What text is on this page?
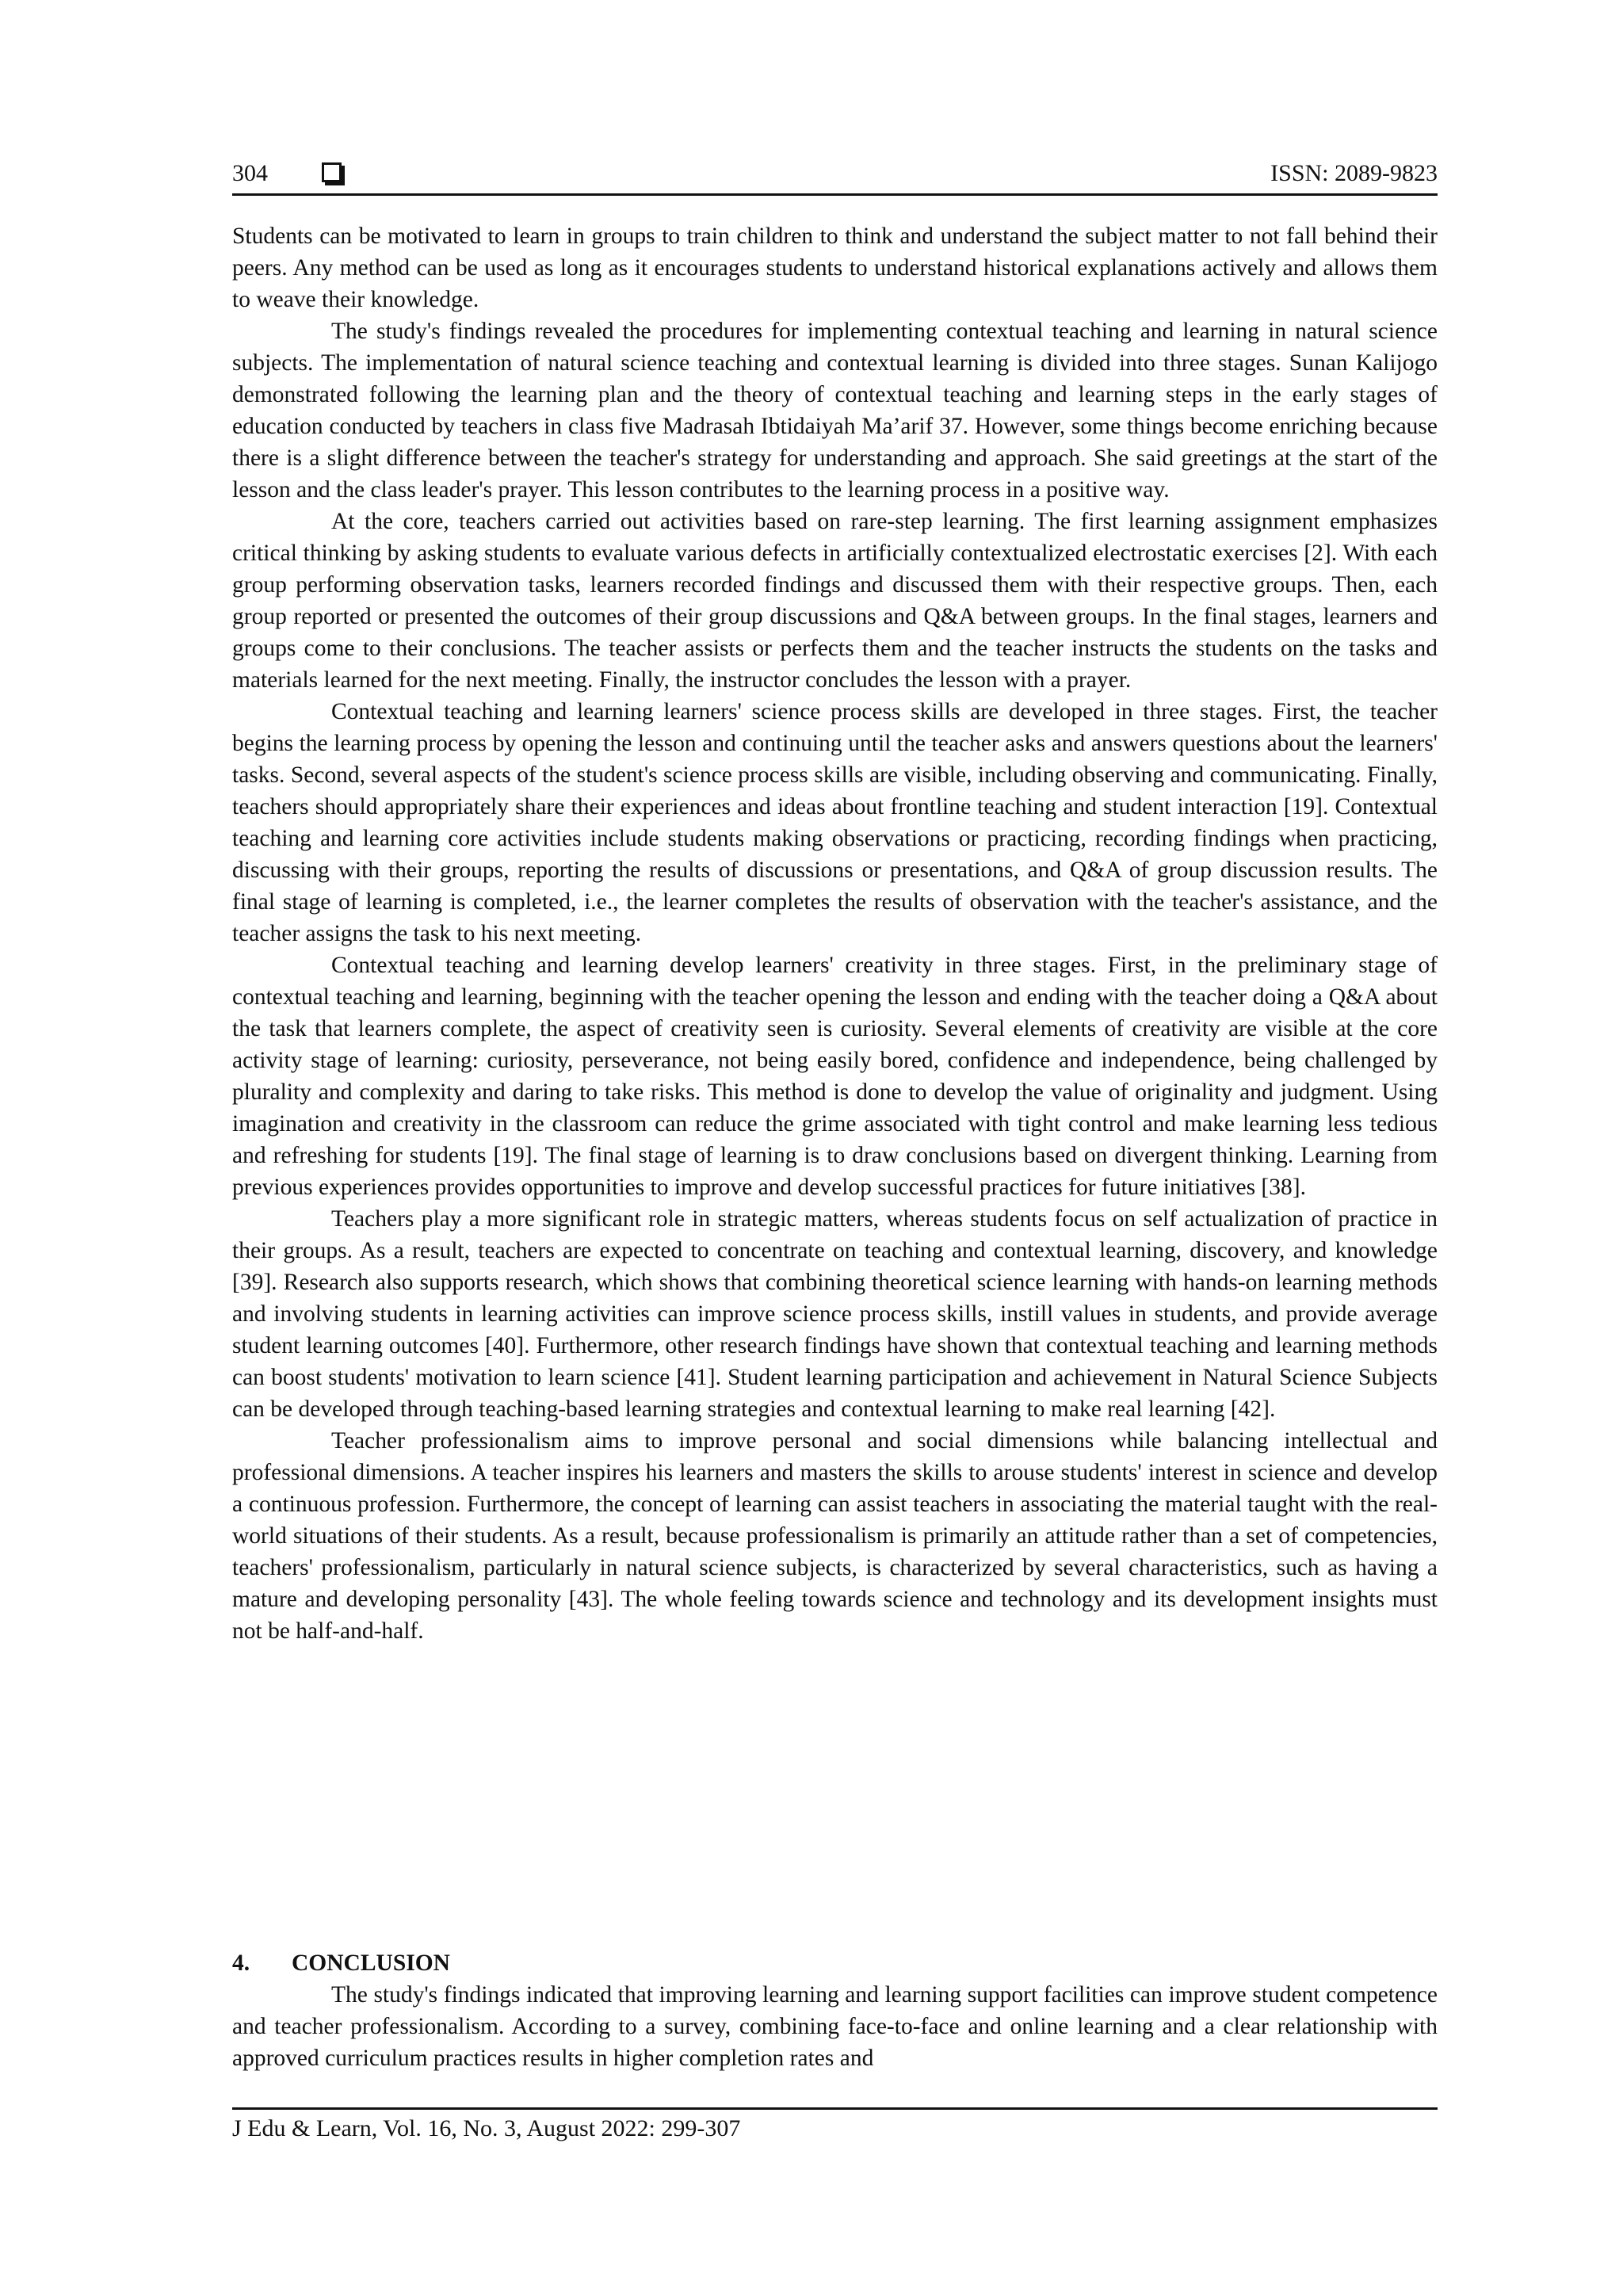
304	ISSN: 2089-9823

Students can be motivated to learn in groups to train children to think and understand the subject matter to not fall behind their peers. Any method can be used as long as it encourages students to understand historical explanations actively and allows them to weave their knowledge.

The study's findings revealed the procedures for implementing contextual teaching and learning in natural science subjects. The implementation of natural science teaching and contextual learning is divided into three stages. Sunan Kalijogo demonstrated following the learning plan and the theory of contextual teaching and learning steps in the early stages of education conducted by teachers in class five Madrasah Ibtidaiyah Ma’arif 37. However, some things become enriching because there is a slight difference between the teacher's strategy for understanding and approach. She said greetings at the start of the lesson and the class leader's prayer. This lesson contributes to the learning process in a positive way.

At the core, teachers carried out activities based on rare-step learning. The first learning assignment emphasizes critical thinking by asking students to evaluate various defects in artificially contextualized electrostatic exercises [2]. With each group performing observation tasks, learners recorded findings and discussed them with their respective groups. Then, each group reported or presented the outcomes of their group discussions and Q&A between groups. In the final stages, learners and groups come to their conclusions. The teacher assists or perfects them and the teacher instructs the students on the tasks and materials learned for the next meeting. Finally, the instructor concludes the lesson with a prayer.

Contextual teaching and learning learners' science process skills are developed in three stages. First, the teacher begins the learning process by opening the lesson and continuing until the teacher asks and answers questions about the learners' tasks. Second, several aspects of the student's science process skills are visible, including observing and communicating. Finally, teachers should appropriately share their experiences and ideas about frontline teaching and student interaction [19]. Contextual teaching and learning core activities include students making observations or practicing, recording findings when practicing, discussing with their groups, reporting the results of discussions or presentations, and Q&A of group discussion results. The final stage of learning is completed, i.e., the learner completes the results of observation with the teacher's assistance, and the teacher assigns the task to his next meeting.

Contextual teaching and learning develop learners' creativity in three stages. First, in the preliminary stage of contextual teaching and learning, beginning with the teacher opening the lesson and ending with the teacher doing a Q&A about the task that learners complete, the aspect of creativity seen is curiosity. Several elements of creativity are visible at the core activity stage of learning: curiosity, perseverance, not being easily bored, confidence and independence, being challenged by plurality and complexity and daring to take risks. This method is done to develop the value of originality and judgment. Using imagination and creativity in the classroom can reduce the grime associated with tight control and make learning less tedious and refreshing for students [19]. The final stage of learning is to draw conclusions based on divergent thinking. Learning from previous experiences provides opportunities to improve and develop successful practices for future initiatives [38].

Teachers play a more significant role in strategic matters, whereas students focus on self actualization of practice in their groups. As a result, teachers are expected to concentrate on teaching and contextual learning, discovery, and knowledge [39]. Research also supports research, which shows that combining theoretical science learning with hands-on learning methods and involving students in learning activities can improve science process skills, instill values in students, and provide average student learning outcomes [40]. Furthermore, other research findings have shown that contextual teaching and learning methods can boost students' motivation to learn science [41]. Student learning participation and achievement in Natural Science Subjects can be developed through teaching-based learning strategies and contextual learning to make real learning [42].

Teacher professionalism aims to improve personal and social dimensions while balancing intellectual and professional dimensions. A teacher inspires his learners and masters the skills to arouse students' interest in science and develop a continuous profession. Furthermore, the concept of learning can assist teachers in associating the material taught with the real-world situations of their students. As a result, because professionalism is primarily an attitude rather than a set of competencies, teachers' professionalism, particularly in natural science subjects, is characterized by several characteristics, such as having a mature and developing personality [43]. The whole feeling towards science and technology and its development insights must not be half-and-half.

4. CONCLUSION

The study's findings indicated that improving learning and learning support facilities can improve student competence and teacher professionalism. According to a survey, combining face-to-face and online learning and a clear relationship with approved curriculum practices results in higher completion rates and

J Edu & Learn, Vol. 16, No. 3, August 2022: 299-307
